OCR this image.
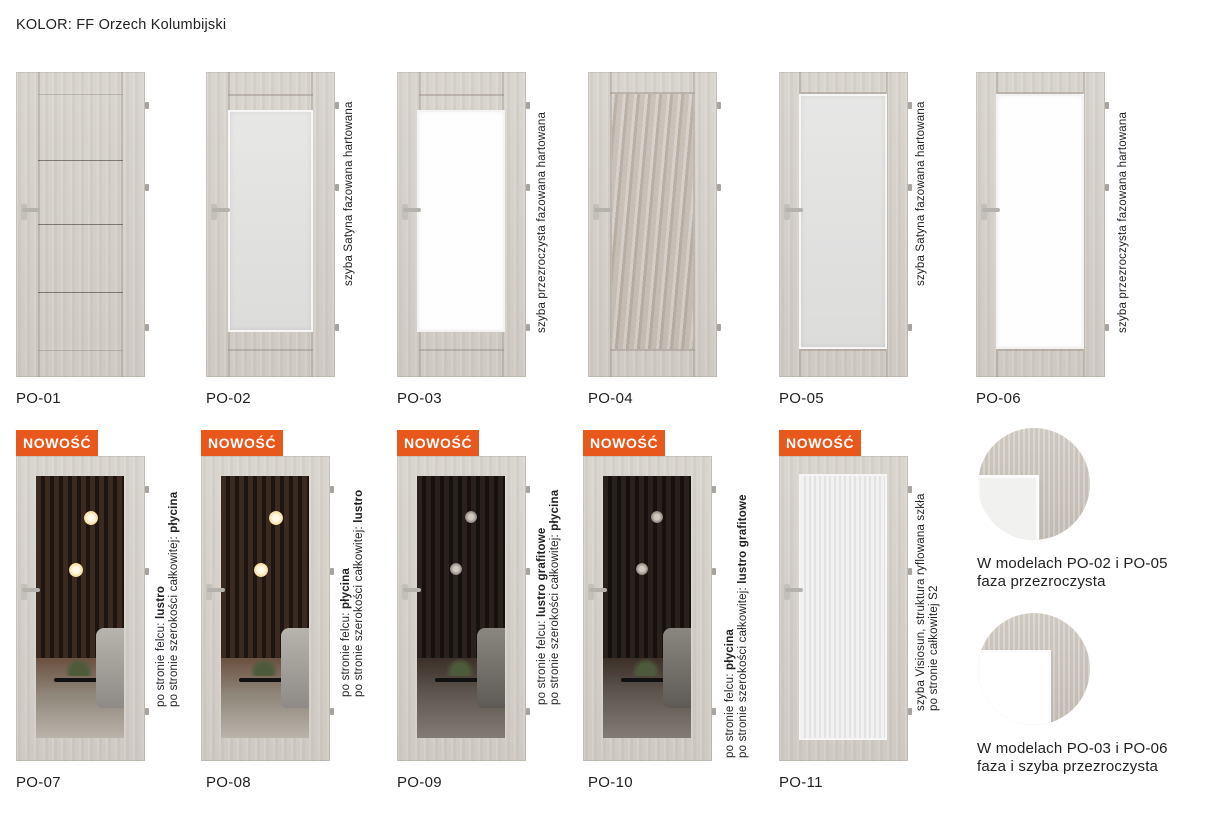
KOLOR: FF Orzech Kolumbijski
PO-01
szyba Satyna fazowana hartowana
PO-02
szyba przezroczysta fazowana hartowana
PO-03	PO-04
szyba Satyna fazowana hartowana
PO-05
szyba przezroczysta fazowana hartowana
PO-06
NOWOŚĆ
po stronie felcu: lustro
po stronie szerokości całkowitej: płycina
PO-07
NOWOŚĆ
po stronie felcu: płycina
po stronie szerokości całkowitej: lustro
PO-08
NOWOŚĆ
po stronie felcu: lustro grafitowe
po stronie szerokości całkowitej: płycina
PO-09
NOWOŚĆ
po stronie felcu: płycina
po stronie szerokości całkowitej: lustro grafitowe
PO-10
NOWOŚĆ
szyba Visiosun, struktura ryflowana szkła
po stronie całkowitej S2
PO-11
W modelach PO-02 i PO-05
faza przezroczysta
W modelach PO-03 i PO-06
faza i szyba przezroczysta
